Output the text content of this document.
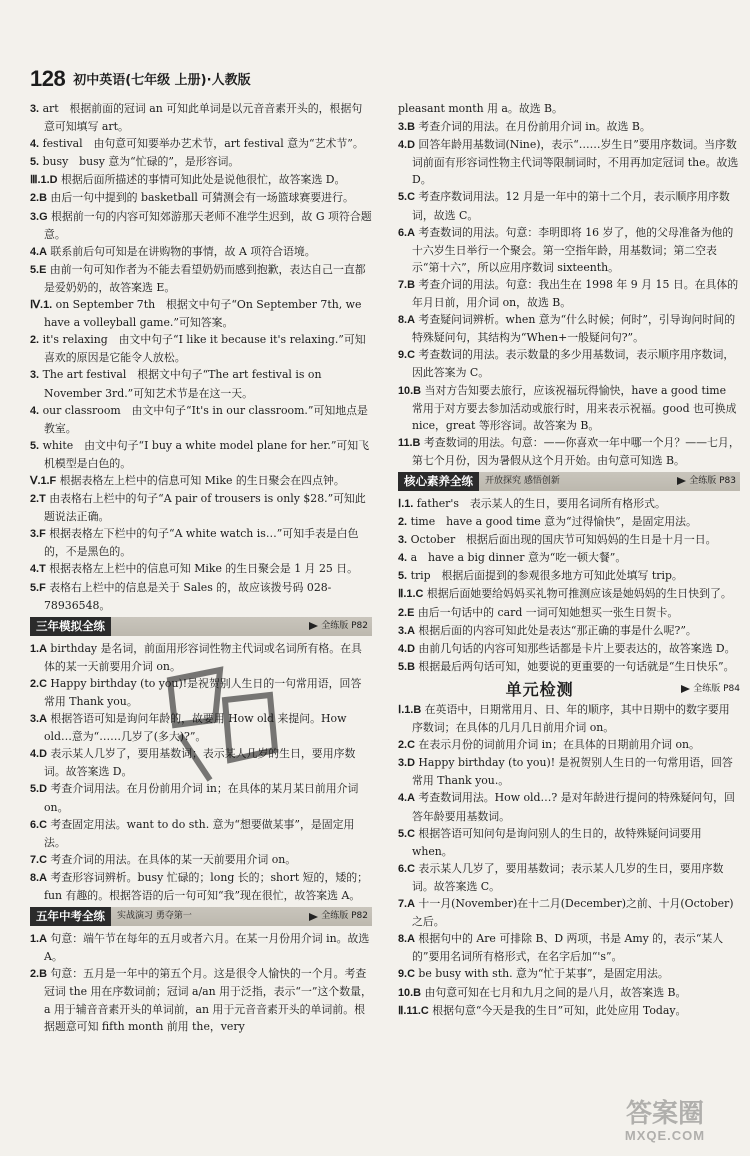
128 初中英语(七年级 上册)·人教版

3. art　根据前面的冠词 an 可知此单词是以元音音素开头的，根据句意可知填写 art。

4. festival　由句意可知要举办艺术节，art festival 意为“艺术节”。

5. busy　busy 意为“忙碌的”，是形容词。

Ⅲ.1.D 根据后面所描述的事情可知此处是说他很忙，故答案选 D。

2.B 由后一句中提到的 basketball 可猜测会有一场篮球赛要进行。

3.G 根据前一句的内容可知郊游那天老师不准学生迟到，故 G 项符合题意。

4.A 联系前后句可知是在讲购物的事情，故 A 项符合语境。

5.E 由前一句可知作者为不能去看望奶奶而感到抱歉，表达自己一直都是爱奶奶的，故答案选 E。

Ⅳ.1. on September 7th　根据文中句子“On September 7th, we have a volleyball game.”可知答案。

2. it's relaxing　由文中句子“I like it because it's relaxing.”可知喜欢的原因是它能令人放松。

3. The art festival　根据文中句子“The art festival is on November 3rd.”可知艺术节是在这一天。

4. our classroom　由文中句子“It's in our classroom.”可知地点是教室。

5. white　由文中句子“I buy a white model plane for her.”可知飞机模型是白色的。

Ⅴ.1.F 根据表格左上栏中的信息可知 Mike 的生日聚会在四点钟。

2.T 由表格右上栏中的句子“A pair of trousers is only $28.”可知此题说法正确。

3.F 根据表格左下栏中的句子“A white watch is…”可知手表是白色的，不是黑色的。

4.T 根据表格左上栏中的信息可知 Mike 的生日聚会是 1 月 25 日。

5.F 表格右上栏中的信息是关于 Sales 的，故应该拨号码 028-78936548。

三年模拟全练	全练版 P82

1.A birthday 是名词，前面用形容词性物主代词或名词所有格。在具体的某一天前要用介词 on。

2.C Happy birthday (to you)!是祝贺别人生日的一句常用语，回答常用 Thank you。

3.A 根据答语可知是询问年龄的，故要用 How old 来提问。How old…意为“……几岁了(多大)?”。

4.D 表示某人几岁了，要用基数词；表示某人几岁的生日，要用序数词。故答案选 D。

5.D 考查介词用法。在月份前用介词 in；在具体的某月某日前用介词 on。

6.C 考查固定用法。want to do sth. 意为“想要做某事”，是固定用法。

7.C 考查介词的用法。在具体的某一天前要用介词 on。

8.A 考查形容词辨析。busy 忙碌的；long 长的；short 短的，矮的；fun 有趣的。根据答语的后一句可知“我”现在很忙，故答案选 A。

五年中考全练	实战演习 勇夺第一	全练版 P82

1.A 句意：端午节在每年的五月或者六月。在某一月份用介词 in。故选 A。

2.B 句意：五月是一年中的第五个月。这是很令人愉快的一个月。考查冠词 the 用在序数词前；冠词 a/an 用于泛指，表示“一”这个数量，a 用于辅音音素开头的单词前，an 用于元音音素开头的单词前。根据题意可知 fifth month 前用 the，very

pleasant month 用 a。故选 B。

3.B 考查介词的用法。在月份前用介词 in。故选 B。

4.D 回答年龄用基数词(Nine)，表示“……岁生日”要用序数词。当序数词前面有形容词性物主代词等限制词时，不用再加定冠词 the。故选 D。

5.C 考查序数词用法。12 月是一年中的第十二个月，表示顺序用序数词，故选 C。

6.A 考查数词的用法。句意：李明即将 16 岁了，他的父母准备为他的十六岁生日举行一个聚会。第一空指年龄，用基数词；第二空表示“第十六”，所以应用序数词 sixteenth。

7.B 考查介词的用法。句意：我出生在 1998 年 9 月 15 日。在具体的年月日前，用介词 on，故选 B。

8.A 考查疑问词辨析。when 意为“什么时候；何时”，引导询问时间的特殊疑问句，其结构为“When+一般疑问句?”。

9.C 考查数词的用法。表示数量的多少用基数词，表示顺序用序数词，因此答案为 C。

10.B 当对方告知要去旅行，应该祝福玩得愉快，have a good time 常用于对方要去参加活动或旅行时，用来表示祝福。good 也可换成 nice，great 等形容词。故答案为 B。

11.B 考查数词的用法。句意：——你喜欢一年中哪一个月？——七月，第七个月份，因为暑假从这个月开始。由句意可知选 B。

核心素养全练	开放探究 感悟创新	全练版 P83

Ⅰ.1. father's　表示某人的生日，要用名词所有格形式。

2. time　have a good time 意为“过得愉快”，是固定用法。

3. October　根据后面出现的国庆节可知妈妈的生日是十月一日。

4. a　have a big dinner 意为“吃一顿大餐”。

5. trip　根据后面提到的参观很多地方可知此处填写 trip。

Ⅱ.1.C 根据后面她要给妈妈买礼物可推测应该是她妈妈的生日快到了。

2.E 由后一句话中的 card 一词可知她想买一张生日贺卡。

3.A 根据后面的内容可知此处是表达“那正确的事是什么呢?”。

4.D 由前几句话的内容可知那些话都是卡片上要表达的，故答案选 D。

5.B 根据最后两句话可知，她要说的更重要的一句话就是“生日快乐”。

单元检测	全练版 P84

Ⅰ.1.B 在英语中，日期常用月、日、年的顺序，其中日期中的数字要用序数词；在具体的几月几日前用介词 on。

2.C 在表示月份的词前用介词 in；在具体的日期前用介词 on。

3.D Happy birthday (to you)! 是祝贺别人生日的一句常用语，回答常用 Thank you.。

4.A 考查数词用法。How old…? 是对年龄进行提问的特殊疑问句，回答年龄要用基数词。

5.C 根据答语可知问句是询问别人的生日的，故特殊疑问词要用 when。

6.C 表示某人几岁了，要用基数词；表示某人几岁的生日，要用序数词。故答案选 C。

7.A 十一月(November)在十二月(December)之前、十月(October)之后。

8.A 根据句中的 Are 可排除 B、D 两项，书是 Amy 的，表示“某人的”要用名词所有格形式，在名字后加“'s”。

9.C be busy with sth. 意为“忙于某事”，是固定用法。

10.B 由句意可知在七月和九月之间的是八月，故答案选 B。

Ⅱ.11.C 根据句意“今天是我的生日”可知，此处应用 Today。

答案圈
MXQE.COM
